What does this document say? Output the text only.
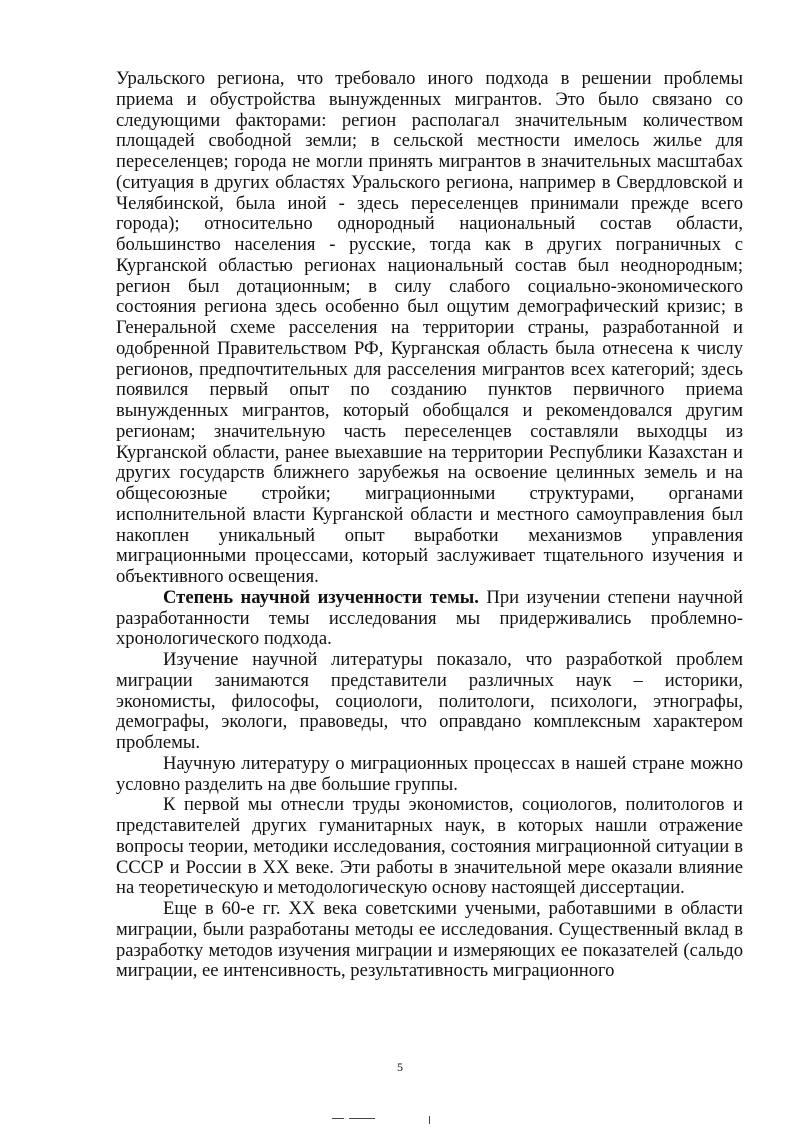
Уральского региона, что требовало иного подхода в решении проблемы приема и обустройства вынужденных мигрантов. Это было связано со следующими факторами: регион располагал значительным количеством площадей свободной земли; в сельской местности имелось жилье для переселенцев; города не могли принять мигрантов в значительных масштабах (ситуация в других областях Уральского региона, например в Свердловской и Челябинской, была иной - здесь переселенцев принимали прежде всего города); относительно однородный национальный состав области, большинство населения - русские, тогда как в других пограничных с Курганской областью регионах национальный состав был неоднородным; регион был дотационным; в силу слабого социально-экономического состояния региона здесь особенно был ощутим демографический кризис; в Генеральной схеме расселения на территории страны, разработанной и одобренной Правительством РФ, Курганская область была отнесена к числу регионов, предпочтительных для расселения мигрантов всех категорий; здесь появился первый опыт по созданию пунктов первичного приема вынужденных мигрантов, который обобщался и рекомендовался другим регионам; значительную часть переселенцев составляли выходцы из Курганской области, ранее выехавшие на территории Республики Казахстан и других государств ближнего зарубежья на освоение целинных земель и на общесоюзные стройки; миграционными структурами, органами исполнительной власти Курганской области и местного самоуправления был накоплен уникальный опыт выработки механизмов управления миграционными процессами, который заслуживает тщательного изучения и объективного освещения.

Степень научной изученности темы. При изучении степени научной разработанности темы исследования мы придерживались проблемно-хронологического подхода.

Изучение научной литературы показало, что разработкой проблем миграции занимаются представители различных наук – историки, экономисты, философы, социологи, политологи, психологи, этнографы, демографы, экологи, правоведы, что оправдано комплексным характером проблемы.

Научную литературу о миграционных процессах в нашей стране можно условно разделить на две большие группы.

К первой мы отнесли труды экономистов, социологов, политологов и представителей других гуманитарных наук, в которых нашли отражение вопросы теории, методики исследования, состояния миграционной ситуации в СССР и России в XX веке. Эти работы в значительной мере оказали влияние на теоретическую и методологическую основу настоящей диссертации.

Еще в 60-е гг. XX века советскими учеными, работавшими в области миграции, были разработаны методы ее исследования. Существенный вклад в разработку методов изучения миграции и измеряющих ее показателей (сальдо миграции, ее интенсивность, результативность миграционного

5
